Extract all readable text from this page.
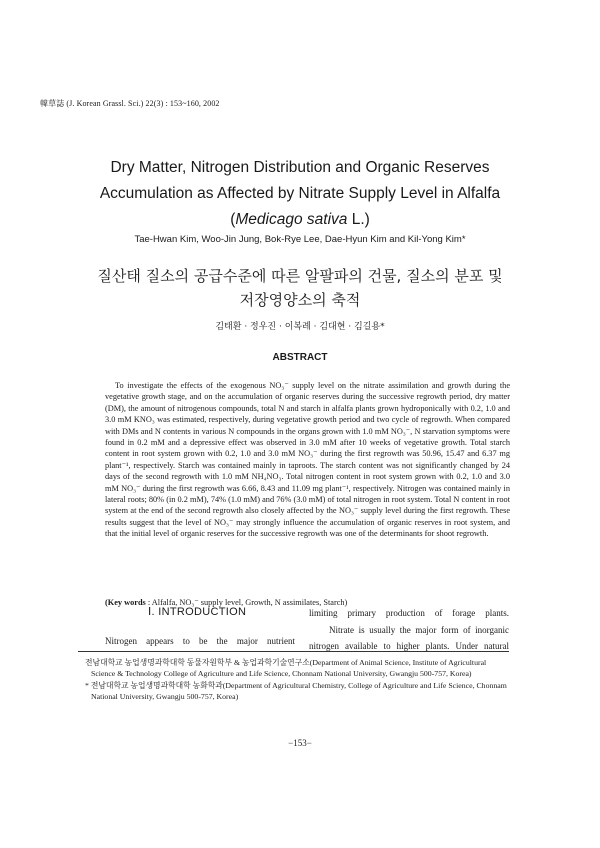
韓草誌 (J. Korean Grassl. Sci.) 22(3) : 153~160, 2002
Dry Matter, Nitrogen Distribution and Organic Reserves
Accumulation as Affected by Nitrate Supply Level in Alfalfa
(Medicago sativa L.)
Tae-Hwan Kim, Woo-Jin Jung, Bok-Rye Lee, Dae-Hyun Kim and Kil-Yong Kim*
질산태 질소의 공급수준에 따른 알팔파의 건물, 질소의 분포 및
저장영양소의 축적
김태환 · 정우진 · 이복례 · 김대현 · 김길용*
ABSTRACT
To investigate the effects of the exogenous NO₃⁻ supply level on the nitrate assimilation and growth during the vegetative growth stage, and on the accumulation of organic reserves during the successive regrowth period, dry matter (DM), the amount of nitrogenous compounds, total N and starch in alfalfa plants grown hydroponically with 0.2, 1.0 and 3.0 mM KNO₃ was estimated, respectively, during vegetative growth period and two cycle of regrowth. When compared with DMs and N contents in various N compounds in the organs grown with 1.0 mM NO₃⁻, N starvation symptoms were found in 0.2 mM and a depressive effect was observed in 3.0 mM after 10 weeks of vegetative growth. Total starch content in root system grown with 0.2, 1.0 and 3.0 mM NO₃⁻ during the first regrowth was 50.96, 15.47 and 6.37 mg plant⁻¹, respectively. Starch was contained mainly in taproots. The starch content was not significantly changed by 24 days of the second regrowth with 1.0 mM NH₄NO₃. Total nitrogen content in root system grown with 0.2, 1.0 and 3.0 mM NO₃⁻ during the first regrowth was 6.66, 8.43 and 11.09 mg plant⁻¹, respectively. Nitrogen was contained mainly in lateral roots; 80% (in 0.2 mM), 74% (1.0 mM) and 76% (3.0 mM) of total nitrogen in root system. Total N content in root system at the end of the second regrowth also closely affected by the NO₃⁻ supply level during the first regrowth. These results suggest that the level of NO₃⁻ may strongly influence the accumulation of organic reserves in root system, and that the initial level of organic reserves for the successive regrowth was one of the determinants for shoot regrowth.
(Key words : Alfalfa, NO₃⁻ supply level, Growth, N assimilates, Starch)
Ⅰ. INTRODUCTION
Nitrogen appears to be the major nutrient
limiting primary production of forage plants.
Nitrate is usually the major form of inorganic
nitrogen available to higher plants. Under natural
전남대학교 농업생명과학대학 동물자원학부 & 농업과학기술연구소(Department of Animal Science, Institute of Agricultural Science & Technology College of Agriculture and Life Science, Chonnam National University, Gwangju 500-757, Korea)
* 전남대학교 농업생명과학대학 농화학과(Department of Agricultural Chemistry, College of Agriculture and Life Science, Chonnam National University, Gwangju 500-757, Korea)
−153−
